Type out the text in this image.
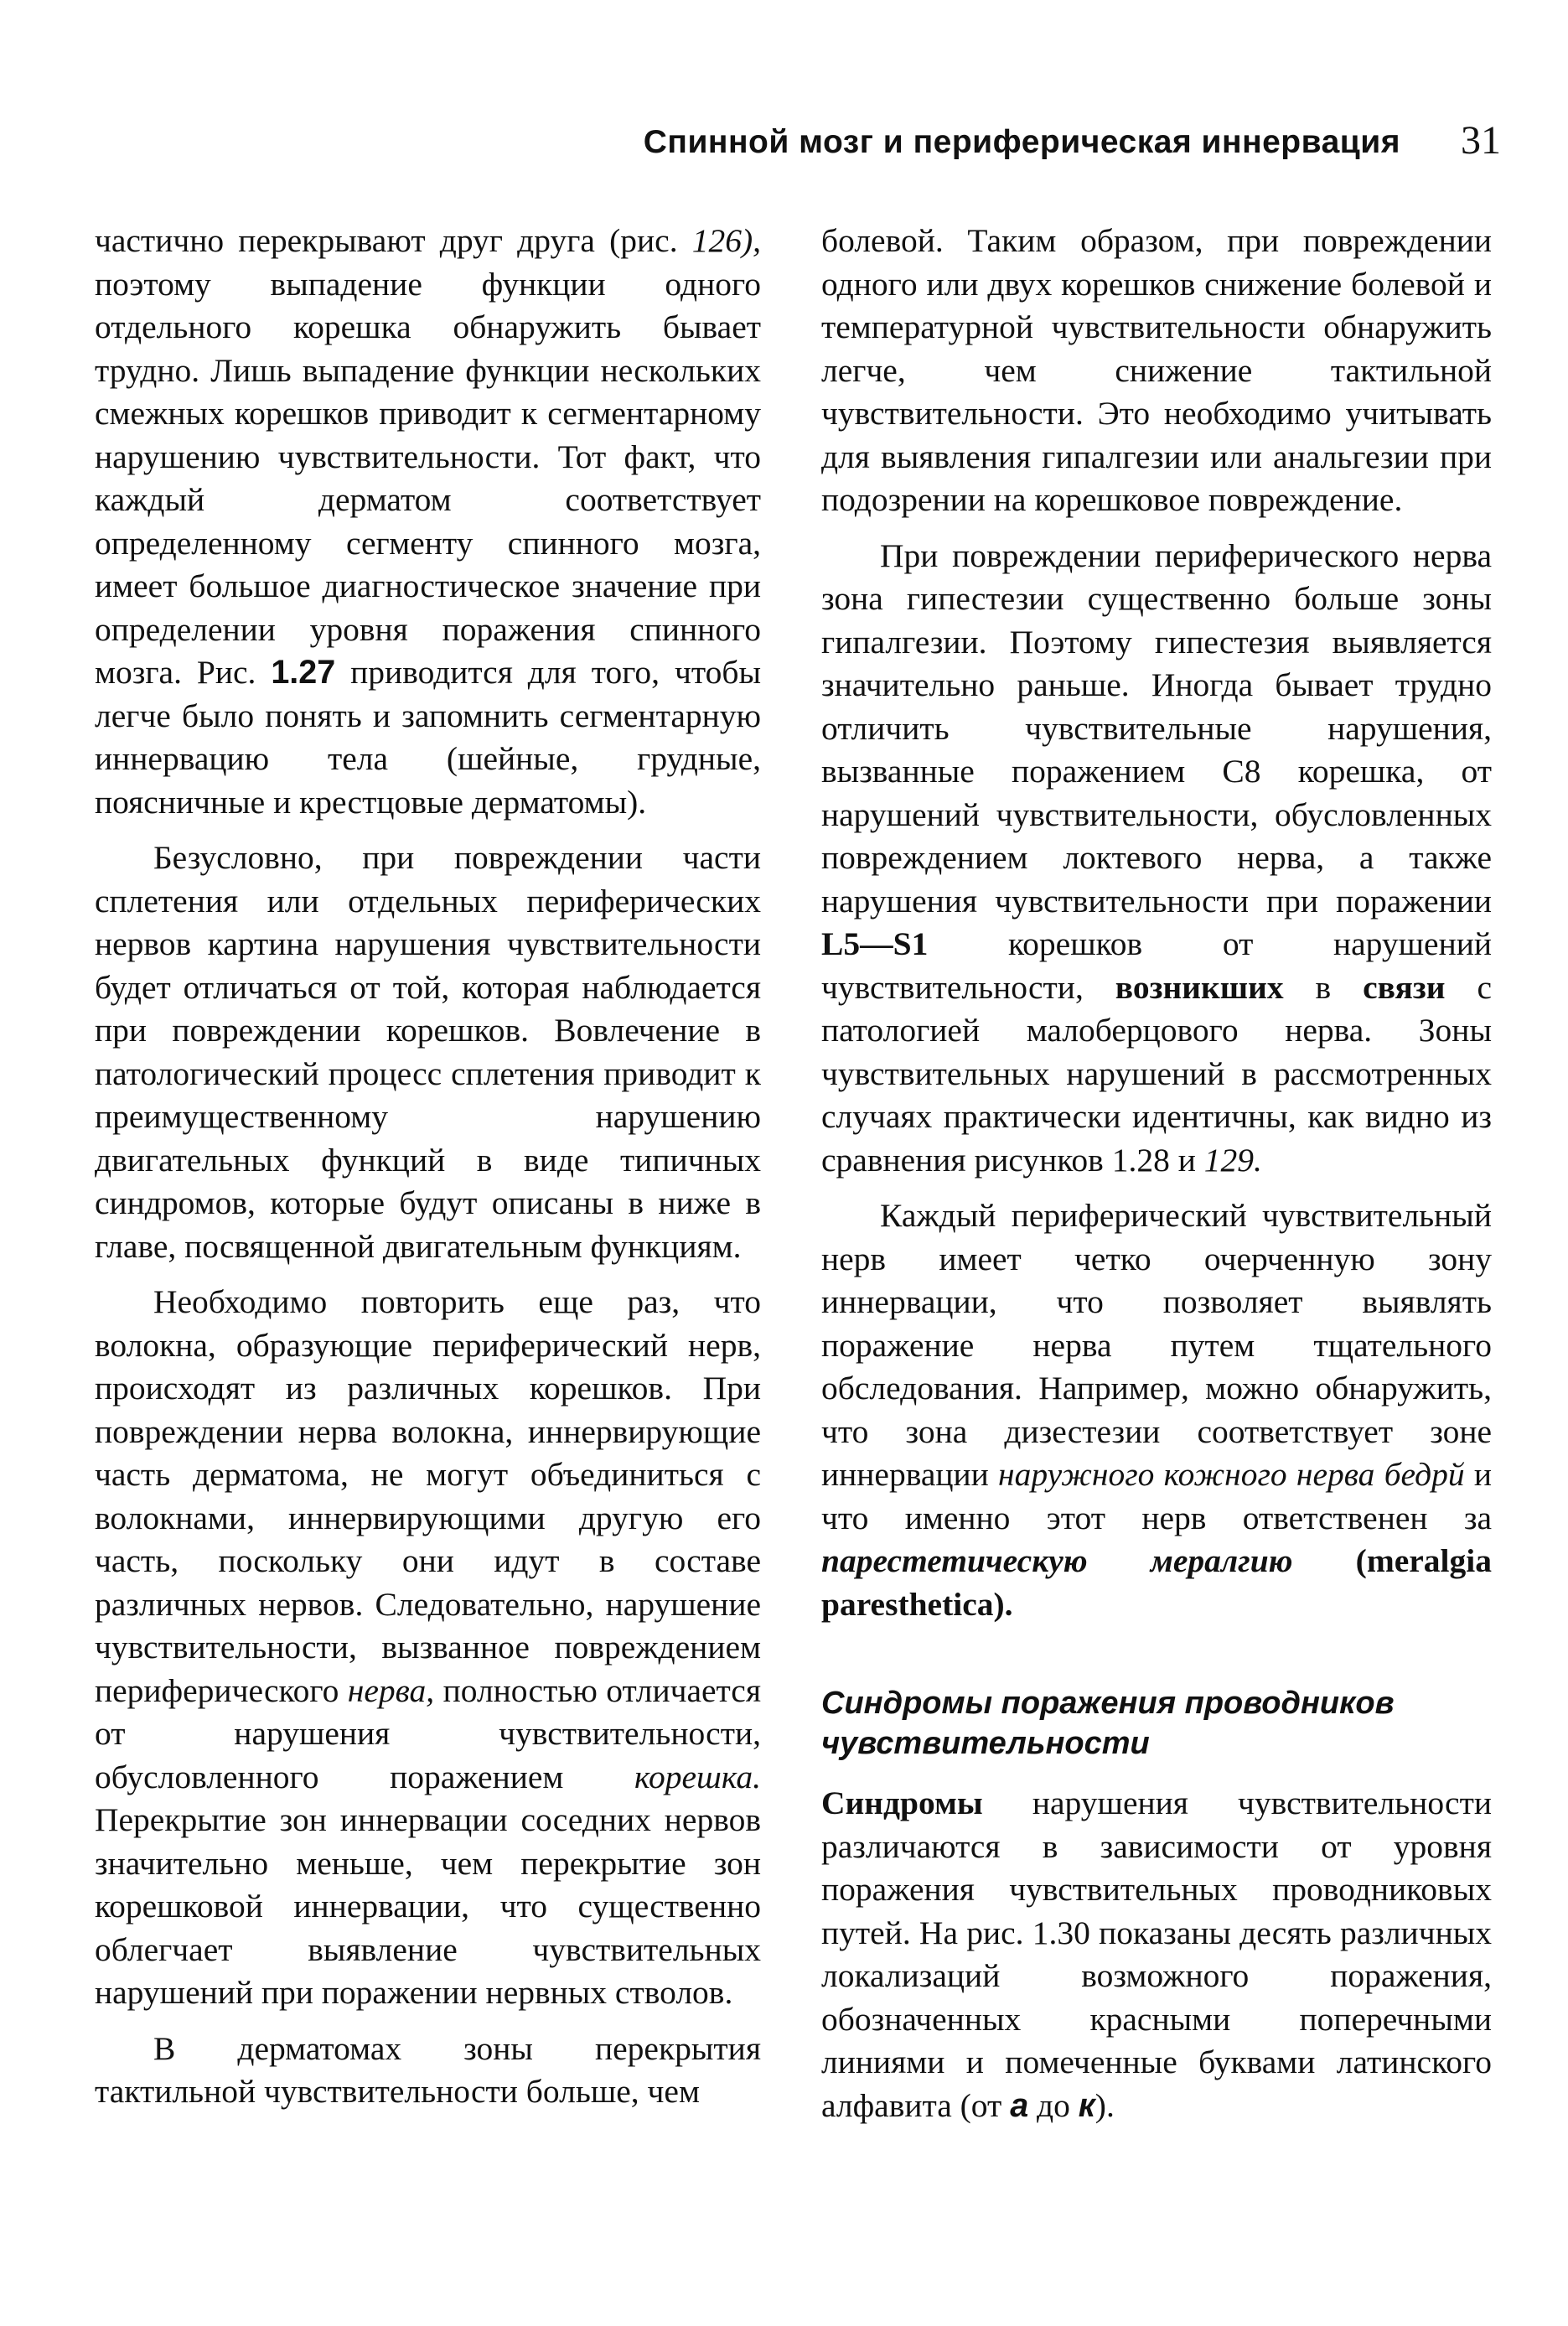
Спинной мозг и периферическая иннервация 31

частично перекрывают друг друга (рис. 126), поэтому выпадение функции одного отдельного корешка обнаружить бывает трудно. Лишь выпадение функции нескольких смежных корешков приводит к сегментарному нарушению чувствительности. Тот факт, что каждый дерматом соответствует определенному сегменту спинного мозга, имеет большое диагностическое значение при определении уровня поражения спинного мозга. Рис. 1.27 приводится для того, чтобы легче было понять и запомнить сегментарную иннервацию тела (шейные, грудные, поясничные и крестцовые дерматомы).

Безусловно, при повреждении части сплетения или отдельных периферических нервов картина нарушения чувствительности будет отличаться от той, которая наблюдается при повреждении корешков. Вовлечение в патологический процесс сплетения приводит к преимущественному нарушению двигательных функций в виде типичных синдромов, которые будут описаны в ниже в главе, посвященной двигательным функциям.

Необходимо повторить еще раз, что волокна, образующие периферический нерв, происходят из различных корешков. При повреждении нерва волокна, иннервирующие часть дерматома, не могут объединиться с волокнами, иннервирующими другую его часть, поскольку они идут в составе различных нервов. Следовательно, нарушение чувствительности, вызванное повреждением периферического нерва, полностью отличается от нарушения чувствительности, обусловленного поражением корешка. Перекрытие зон иннервации соседних нервов значительно меньше, чем перекрытие зон корешковой иннервации, что существенно облегчает выявление чувствительных нарушений при поражении нервных стволов.

В дерматомах зоны перекрытия тактильной чувствительности больше, чем

болевой. Таким образом, при повреждении одного или двух корешков снижение болевой и температурной чувствительности обнаружить легче, чем снижение тактильной чувствительности. Это необходимо учитывать для выявления гипалгезии или анальгезии при подозрении на корешковое повреждение.

При повреждении периферического нерва зона гипестезии существенно больше зоны гипалгезии. Поэтому гипестезия выявляется значительно раньше. Иногда бывает трудно отличить чувствительные нарушения, вызванные поражением С8 корешка, от нарушений чувствительности, обусловленных повреждением локтевого нерва, а также нарушения чувствительности при поражении L5—S1 корешков от нарушений чувствительности, возникших в связи с патологией малоберцового нерва. Зоны чувствительных нарушений в рассмотренных случаях практически идентичны, как видно из сравнения рисунков 1.28 и 129.

Каждый периферический чувствительный нерв имеет четко очерченную зону иннервации, что позволяет выявлять поражение нерва путем тщательного обследования. Например, можно обнаружить, что зона дизестезии соответствует зоне иннервации наружного кожного нерва бедрй и что именно этот нерв ответственен за парестетическую мералгию (meralgia paresthetica).

Синдромы поражения проводников чувствительности

Синдромы нарушения чувствительности различаются в зависимости от уровня поражения чувствительных проводниковых путей. На рис. 1.30 показаны десять различных локализаций возможного поражения, обозначенных красными поперечными линиями и помеченные буквами латинского алфавита (от а до к).
